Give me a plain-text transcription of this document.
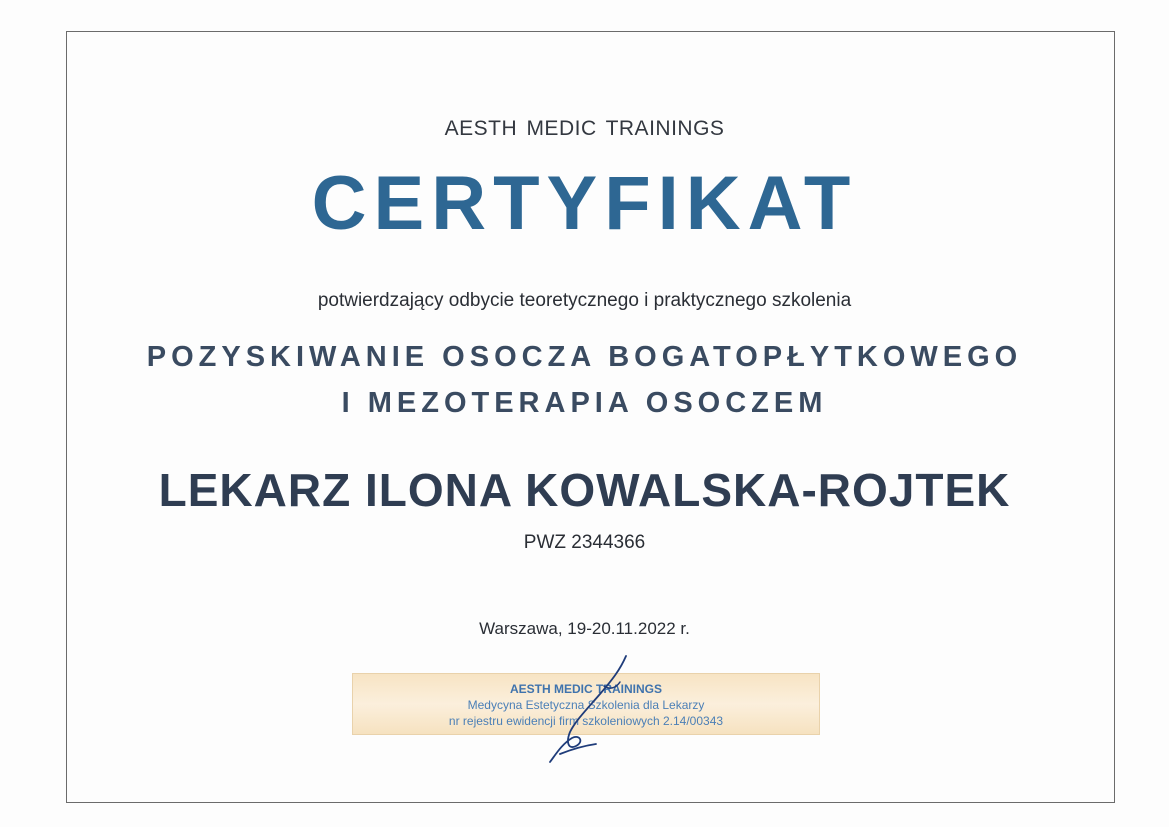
AESTH MEDIC TRAININGS
CERTYFIKAT
potwierdzający odbycie teoretycznego i praktycznego szkolenia
POZYSKIWANIE OSOCZA BOGATOPŁYTKOWEGO
I MEZOTERAPIA OSOCZEM
LEKARZ ILONA KOWALSKA-ROJTEK
PWZ 2344366
Warszawa, 19-20.11.2022 r.
AESTH MEDIC TRAININGS
Medycyna Estetyczna Szkolenia dla Lekarzy
nr rejestru ewidencji firm szkoleniowych 2.14/00343
